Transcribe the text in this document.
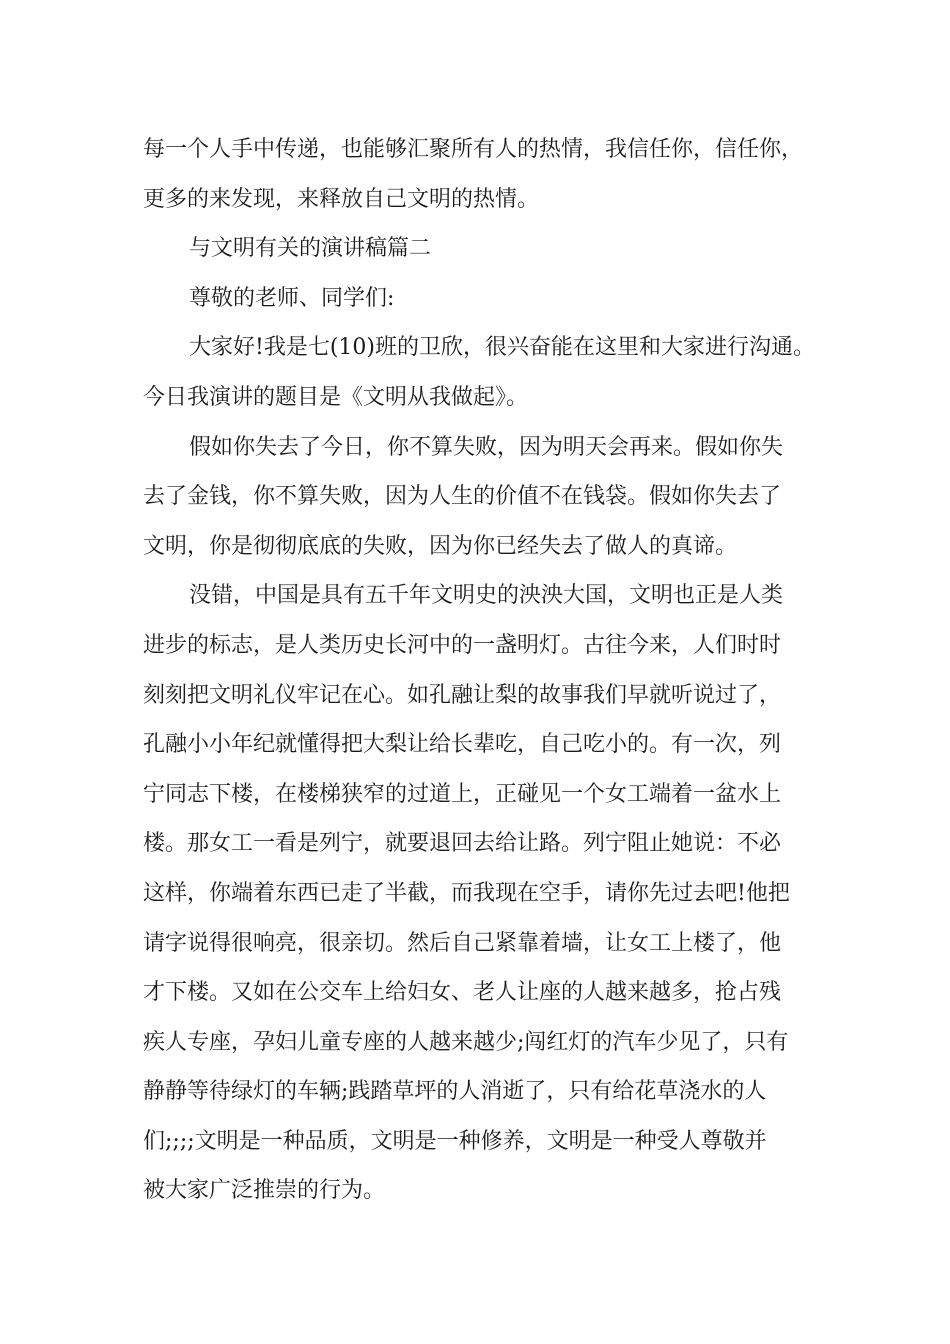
每一个人手中传递，也能够汇聚所有人的热情，我信任你，信任你，
更多的来发现，来释放自己文明的热情。
与文明有关的演讲稿篇二
尊敬的老师、同学们:
大家好!我是七(10)班的卫欣，很兴奋能在这里和大家进行沟通。
今日我演讲的题目是《文明从我做起》。
假如你失去了今日，你不算失败，因为明天会再来。假如你失
去了金钱，你不算失败，因为人生的价值不在钱袋。假如你失去了
文明，你是彻彻底底的失败，因为你已经失去了做人的真谛。
没错，中国是具有五千年文明史的泱泱大国，文明也正是人类
进步的标志，是人类历史长河中的一盏明灯。古往今来，人们时时
刻刻把文明礼仪牢记在心。如孔融让梨的故事我们早就听说过了，
孔融小小年纪就懂得把大梨让给长辈吃，自己吃小的。有一次，列
宁同志下楼，在楼梯狭窄的过道上，正碰见一个女工端着一盆水上
楼。那女工一看是列宁，就要退回去给让路。列宁阻止她说：不必
这样，你端着东西已走了半截，而我现在空手，请你先过去吧!他把
请字说得很响亮，很亲切。然后自己紧靠着墙，让女工上楼了，他
才下楼。又如在公交车上给妇女、老人让座的人越来越多，抢占残
疾人专座，孕妇儿童专座的人越来越少;闯红灯的汽车少见了，只有
静静等待绿灯的车辆;践踏草坪的人消逝了，只有给花草浇水的人
们;;;;文明是一种品质，文明是一种修养，文明是一种受人尊敬并
被大家广泛推崇的行为。
